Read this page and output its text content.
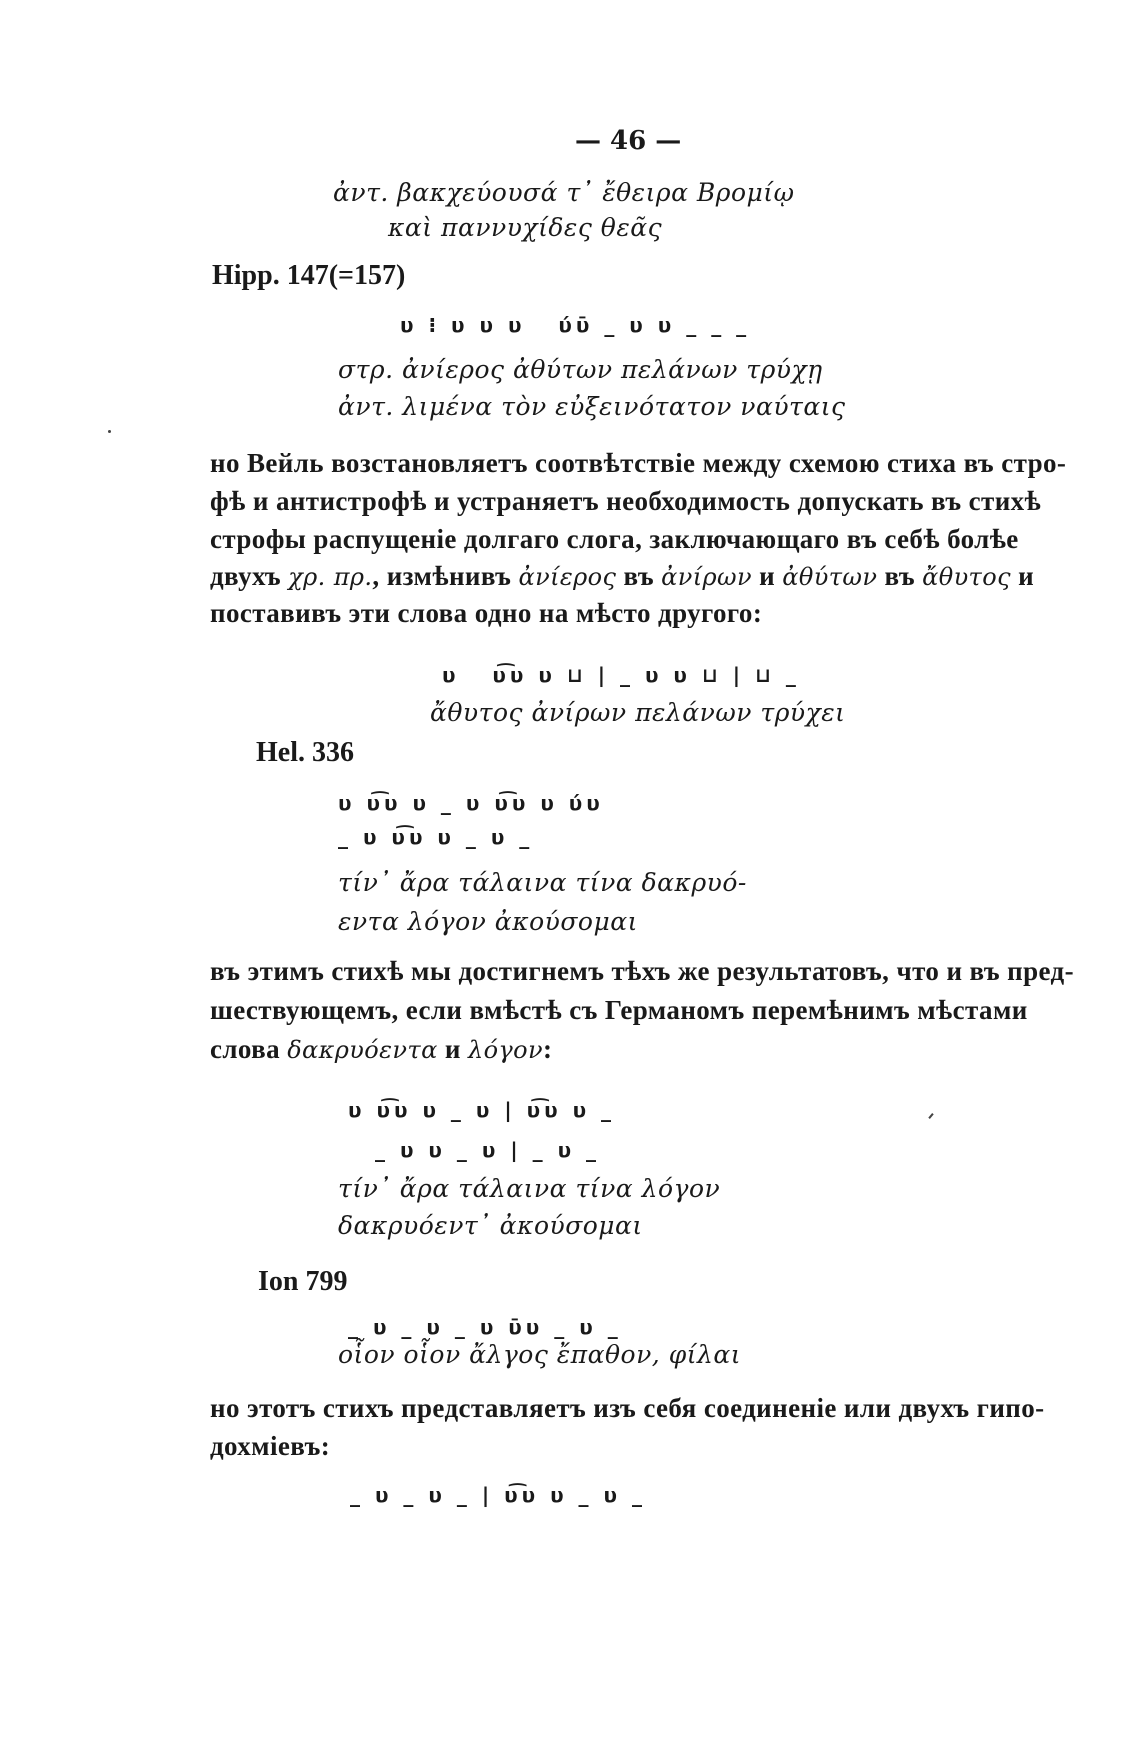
— 46 —
ἀντ. βακχεύουσά τ᾽ ἔθειρα Βρομίῳ
καὶ παννυχίδες θεᾶς
Hipp. 147(=157)
υ ⁝ υ υ υ   ύῡ _ υ υ _ _ _
στρ. ἀνίερος ἀθύτων πελάνων τρύχῃ
ἀντ. λιμένα τὸν εὐξεινότατον ναύταις
но Вейль возстановляетъ соотвѣтствіе между схемою стиха въ стро-
фѣ и антистрофѣ и устраняетъ необходимость допускать въ стихѣ
строфы распущеніе долгаго слога, заключающаго въ себѣ болѣе
двухъ χρ. πρ., измѣнивъ ἀνίερος въ ἀνίρων и ἀθύτων въ ἄθυτος и
поставивъ эти слова одно на мѣсто другого:
υ   υ͡υ υ ⊔ | _ υ υ ⊔ | ⊔ _
ἄθυτος ἀνίρων πελάνων τρύχει
Hel. 336
υ υ͡υ υ _ υ υ͡υ υ ύυ
_ υ υ͡υ υ _ υ _
τίν᾽ ἄρα τάλαινα τίνα δακρυό-
εντα λόγον ἀκούσομαι
въ этимъ стихѣ мы достигнемъ тѣхъ же результатовъ, что и въ пред-
шествующемъ, если вмѣстѣ съ Германомъ перемѣнимъ мѣстами
слова δακρυόεντα и λόγον:
υ υ͡υ υ _ υ | υ͡υ υ _
_ υ υ _ υ | _ υ _
τίν᾽ ἄρα τάλαινα τίνα λόγον
δακρυόεντ᾽ ἀκούσομαι
Ion 799
_ υ _ υ _ υ ῡυ _ υ _
οἷον οἷον ἄλγος ἔπαθον, φίλαι
но этотъ стихъ представляетъ изъ себя соединеніе или двухъ гипо-
дохміевъ:
_ υ _ υ _ | υ͡υ υ _ υ _
